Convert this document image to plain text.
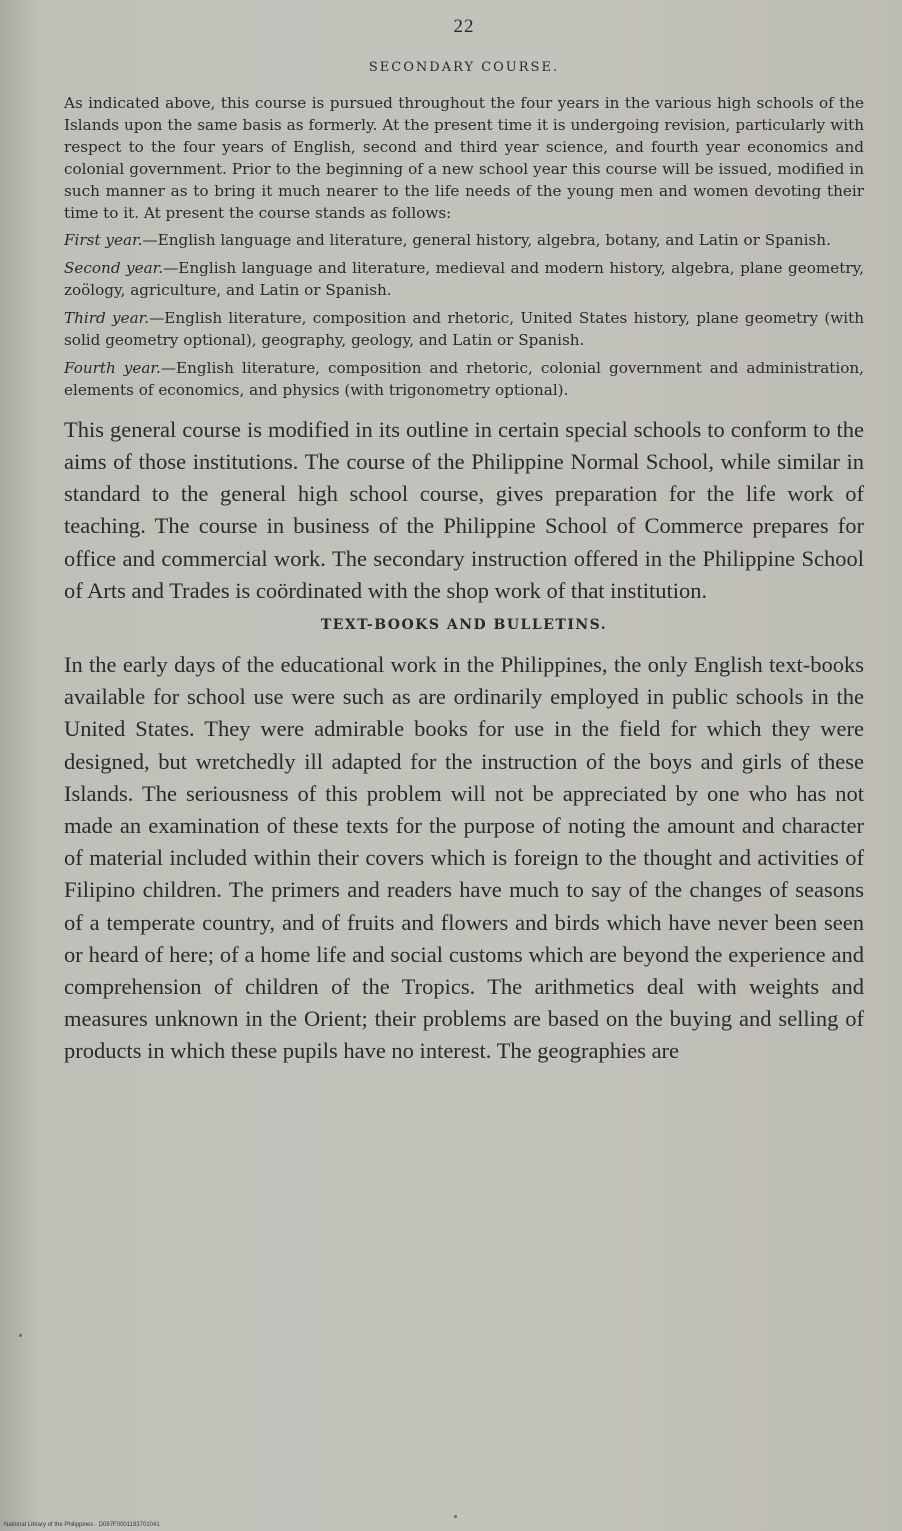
22
SECONDARY COURSE.

As indicated above, this course is pursued throughout the four years in the various high schools of the Islands upon the same basis as formerly. At the present time it is undergoing revision, particularly with respect to the four years of English, second and third year science, and fourth year economics and colonial government. Prior to the beginning of a new school year this course will be issued, modified in such manner as to bring it much nearer to the life needs of the young men and women devoting their time to it. At present the course stands as follows:

First year.—English language and literature, general history, algebra, botany, and Latin or Spanish.

Second year.—English language and literature, medieval and modern history, algebra, plane geometry, zoölogy, agriculture, and Latin or Spanish.

Third year.—English literature, composition and rhetoric, United States history, plane geometry (with solid geometry optional), geography, geology, and Latin or Spanish.

Fourth year.—English literature, composition and rhetoric, colonial government and administration, elements of economics, and physics (with trigonometry optional).

This general course is modified in its outline in certain special schools to conform to the aims of those institutions. The course of the Philippine Normal School, while similar in standard to the general high school course, gives preparation for the life work of teaching. The course in business of the Philippine School of Commerce prepares for office and commercial work. The secondary instruction offered in the Philippine School of Arts and Trades is coördinated with the shop work of that institution.

TEXT-BOOKS AND BULLETINS.

In the early days of the educational work in the Philippines, the only English text-books available for school use were such as are ordinarily employed in public schools in the United States. They were admirable books for use in the field for which they were designed, but wretchedly ill adapted for the instruction of the boys and girls of these Islands. The seriousness of this problem will not be appreciated by one who has not made an examination of these texts for the purpose of noting the amount and character of material included within their covers which is foreign to the thought and activities of Filipino children. The primers and readers have much to say of the changes of seasons of a temperate country, and of fruits and flowers and birds which have never been seen or heard of here; of a home life and social customs which are beyond the experience and comprehension of children of the Tropics. The arithmetics deal with weights and measures unknown in the Orient; their problems are based on the buying and selling of products in which these pupils have no interest. The geographies are

National Library of the Philippines · D087F0001183701041
